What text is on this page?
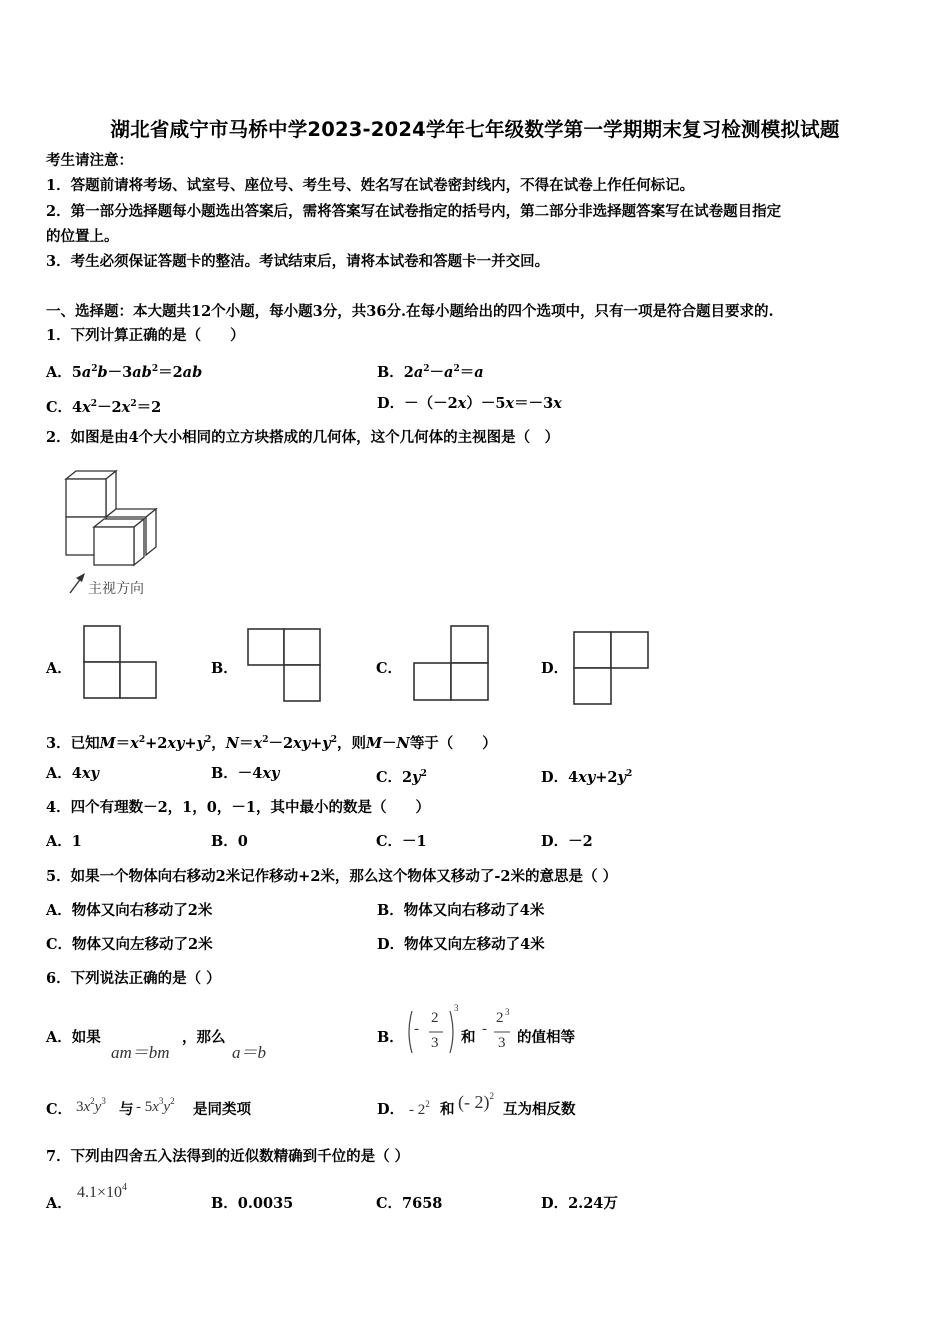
湖北省咸宁市马桥中学2023-2024学年七年级数学第一学期期末复习检测模拟试题
考生请注意：
1．答题前请将考场、试室号、座位号、考生号、姓名写在试卷密封线内，不得在试卷上作任何标记。
2．第一部分选择题每小题选出答案后，需将答案写在试卷指定的括号内，第二部分非选择题答案写在试卷题目指定
的位置上。
3．考生必须保证答题卡的整洁。考试结束后，请将本试卷和答题卡一并交回。
一、选择题：本大题共12个小题，每小题3分，共36分.在每小题给出的四个选项中，只有一项是符合题目要求的.
1．下列计算正确的是（　　）
A．$5a^2b-3ab^2=2ab$	B．$2a^2-a^2=a$
C．$4x^2-2x^2=2$	D．－（－2x）－5x＝－3x
2．如图是由4个大小相同的立方块搭成的几何体，这个几何体的主视图是（　）
主视方向
A．	B．	C．	D．
3．已知$M=x^2+2xy+y^2$，$N=x^2-2xy+y^2$，则M－N等于（　　）
A．4xy	B．－4xy	C．$2y^2$	D．$4xy+2y^2$
4．四个有理数－2，1，0，－1，其中最小的数是（　　）
A．1	B．0	C．－1	D．－2
5．如果一个物体向右移动2米记作移动+2米，那么这个物体又移动了-2米的意思是（ ）
A．物体又向右移动了2米	B．物体又向右移动了4米
C．物体又向左移动了2米	D．物体又向左移动了4米
6．下列说法正确的是（ ）
A．如果
am＝bm
，那么
a＝b
B． -
2
3
3
和 -
2 3
3 的值相等
C． $3x^2y^3$ 与 - $5x^3y^2$ 是同类项	D． - $2^2$ 和 (- 2)$^2$
互为相反数
7．下列由四舍五入法得到的近似数精确到千位的是（ ）
A．
$4.1\times 10^4$
B．0.0035	C．7658	D．2.24万
